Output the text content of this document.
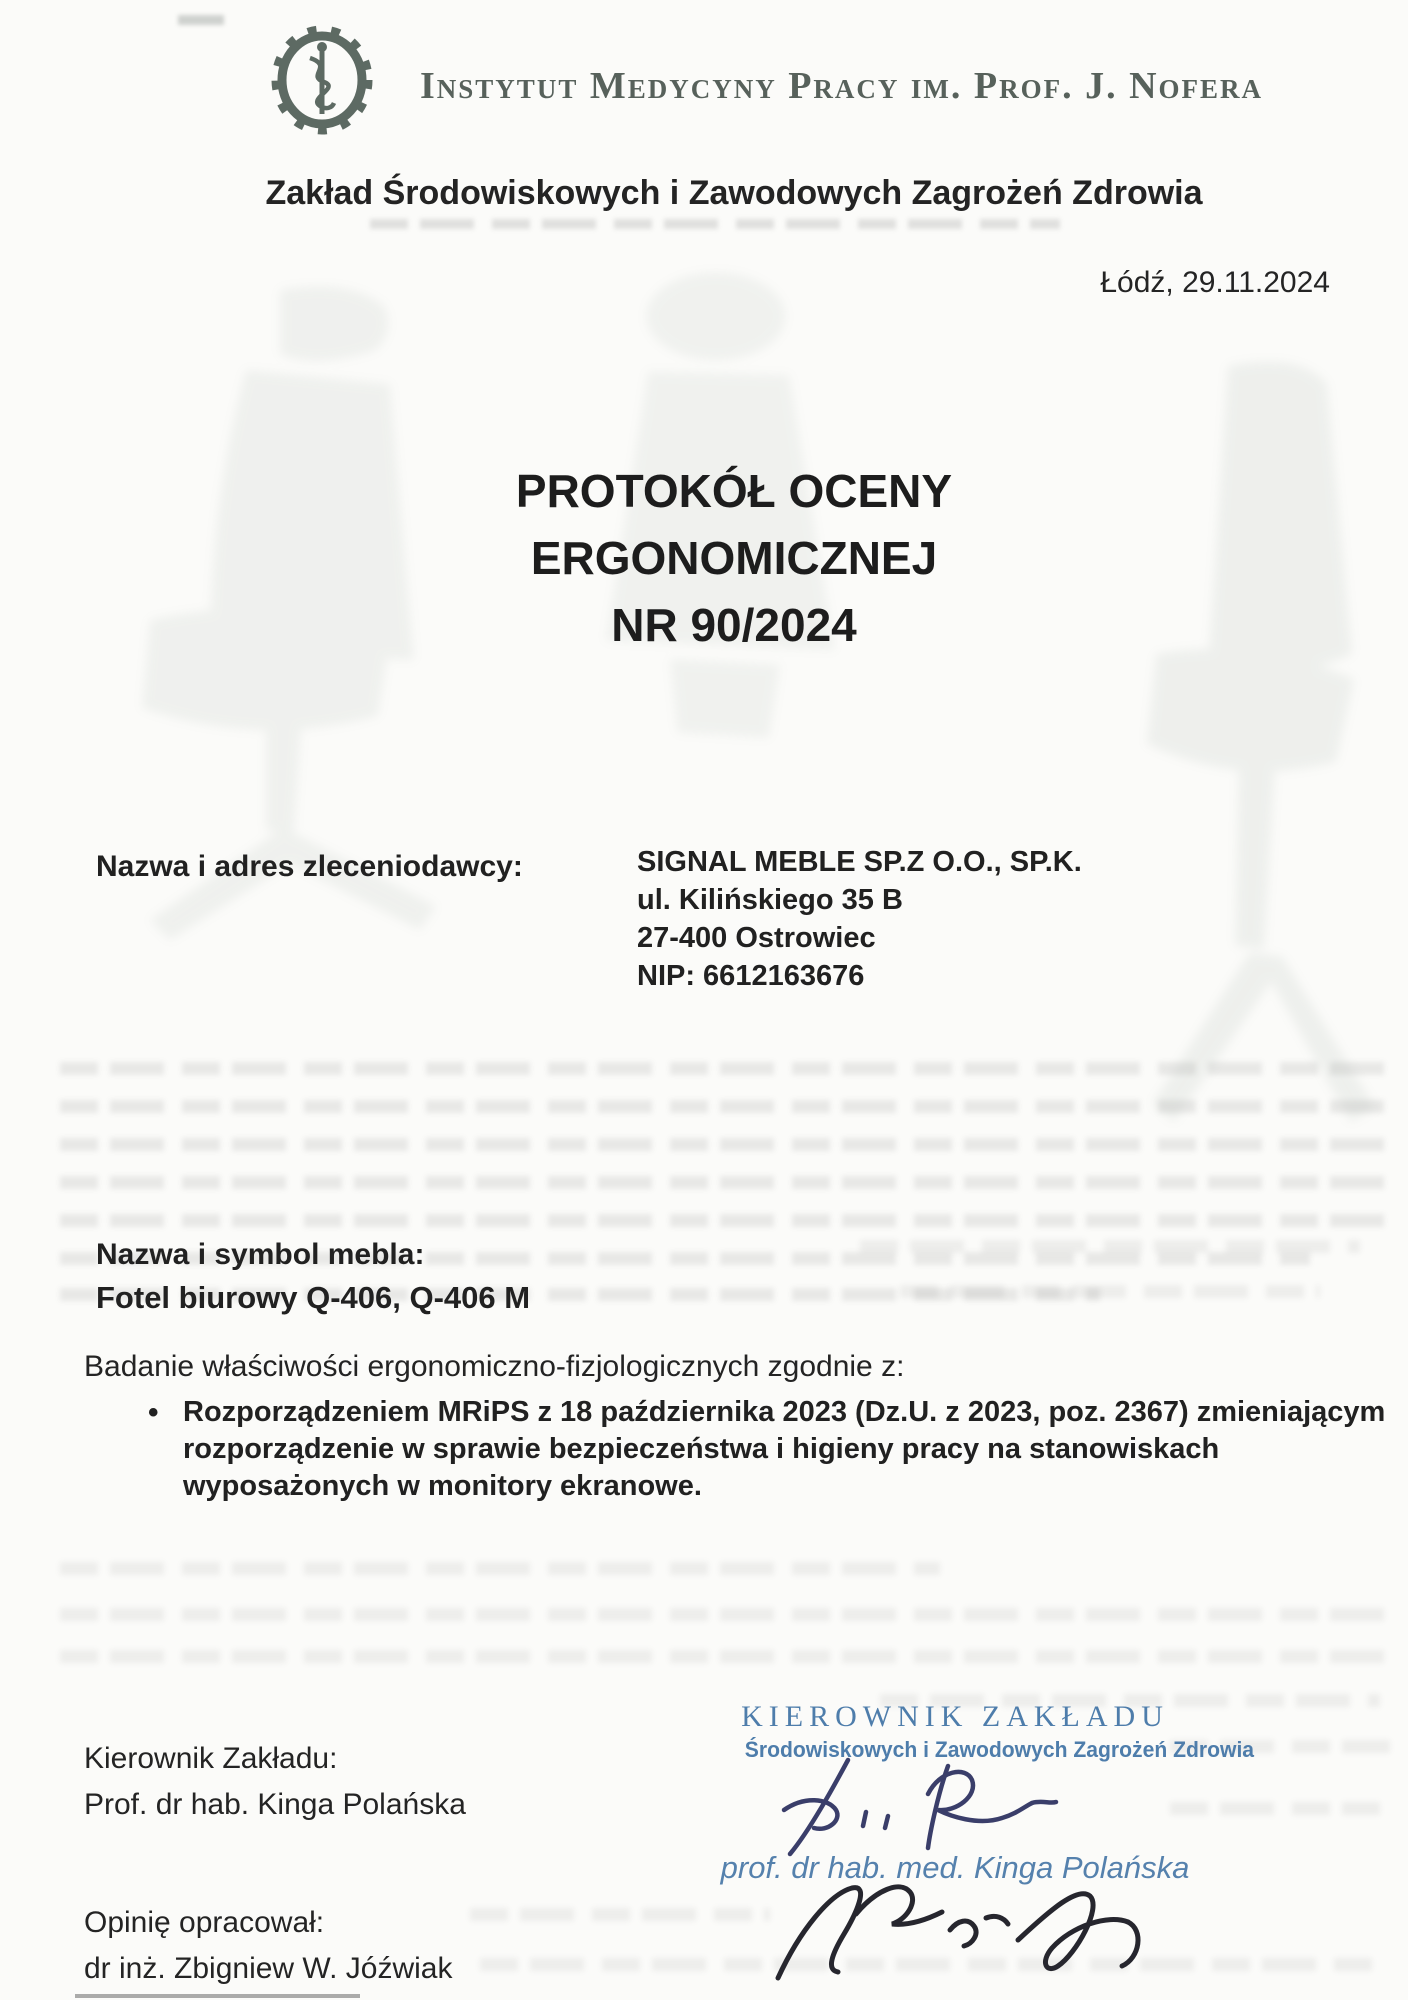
Instytut Medycyny Pracy im. Prof. J. Nofera
Zakład Środowiskowych i Zawodowych Zagrożeń Zdrowia
Łódź, 29.11.2024
PROTOKÓŁ OCENY
ERGONOMICZNEJ
NR 90/2024
Nazwa i adres zleceniodawcy:	SIGNAL MEBLE SP.Z O.O., SP.K.
ul. Kilińskiego 35 B
27-400 Ostrowiec
NIP: 6612163676
Nazwa i symbol mebla:
Fotel biurowy Q-406, Q-406 M
Badanie właściwości ergonomiczno-fizjologicznych zgodnie z:
• Rozporządzeniem MRiPS z 18 października 2023 (Dz.U. z 2023, poz. 2367) zmieniającym rozporządzenie w sprawie bezpieczeństwa i higieny pracy na stanowiskach wyposażonych w monitory ekranowe.
KIEROWNIK ZAKŁADU
Środowiskowych i Zawodowych Zagrożeń Zdrowia
prof. dr hab. med. Kinga Polańska
Kierownik Zakładu:
Prof. dr hab. Kinga Polańska
Opinię opracował:
dr inż. Zbigniew W. Jóźwiak
